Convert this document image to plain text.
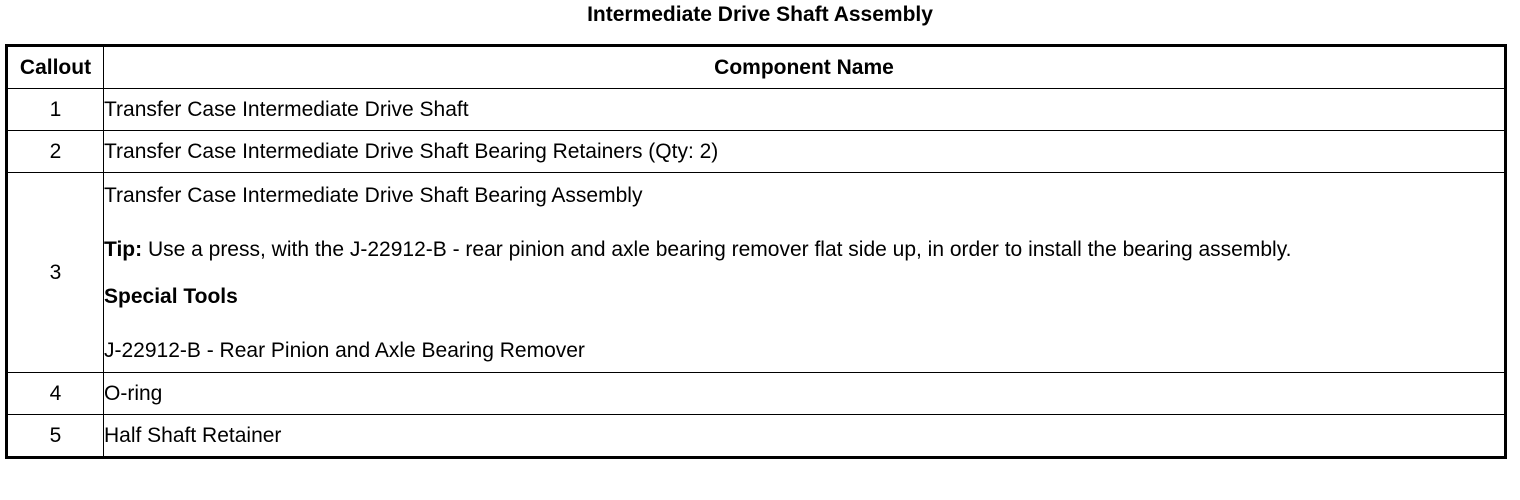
Intermediate Drive Shaft Assembly
Callout	Component Name
1	Transfer Case Intermediate Drive Shaft
2	Transfer Case Intermediate Drive Shaft Bearing Retainers (Qty: 2)
3	Transfer Case Intermediate Drive Shaft Bearing Assembly

Tip: Use a press, with the J-22912-B - rear pinion and axle bearing remover flat side up, in order to install the bearing assembly.

Special Tools

J-22912-B - Rear Pinion and Axle Bearing Remover

4	O-ring
5	Half Shaft Retainer
